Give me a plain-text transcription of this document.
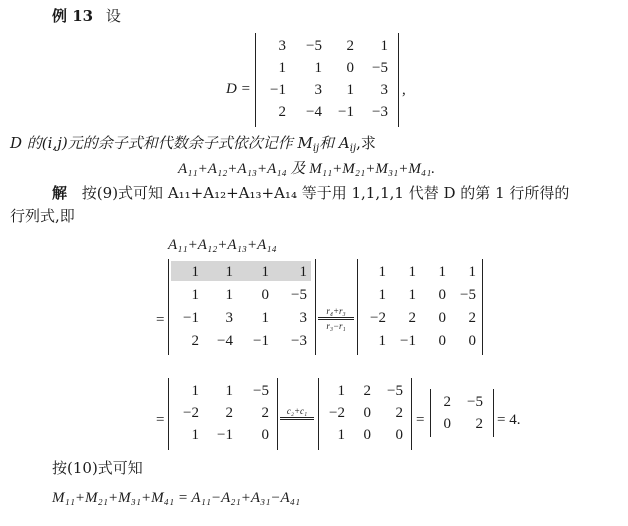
例 13 设
D =
3	−5	2	1
1	1	0	−5
−1	3	1	3
2	−4	−1	−3
,
D 的(i,j)元的余子式和代数余子式依次记作 $M_{ij}$和 $A_{ij}$,求
A₁₁+A₁₂+A₁₃+A₁₄ 及 M₁₁+M₂₁+M₃₁+M₄₁.
解 按(9)式可知 A₁₁+A₁₂+A₁₃+A₁₄ 等于用 1,1,1,1 代替 D 的第 1 行所得的
行列式,即
A₁₁+A₁₂+A₁₃+A₁₄
=
1	1	1	1
1	1	0	−5
−1	3	1	3
2	−4	−1	−3
r₄+r₃
r₃−r₁
1	1	1	1
1	1	0 −5
−2	2	0	2
1 −1	0	0
=
1	1	−5
−2	2	2
1	−1	0
c₂+c₁
1	2	−5
−2	0	2
1	0	0
=
2	−5
0	2 = 4.
按(10)式可知
M₁₁+M₂₁+M₃₁+M₄₁ = A₁₁−A₂₁+A₃₁−A₄₁
